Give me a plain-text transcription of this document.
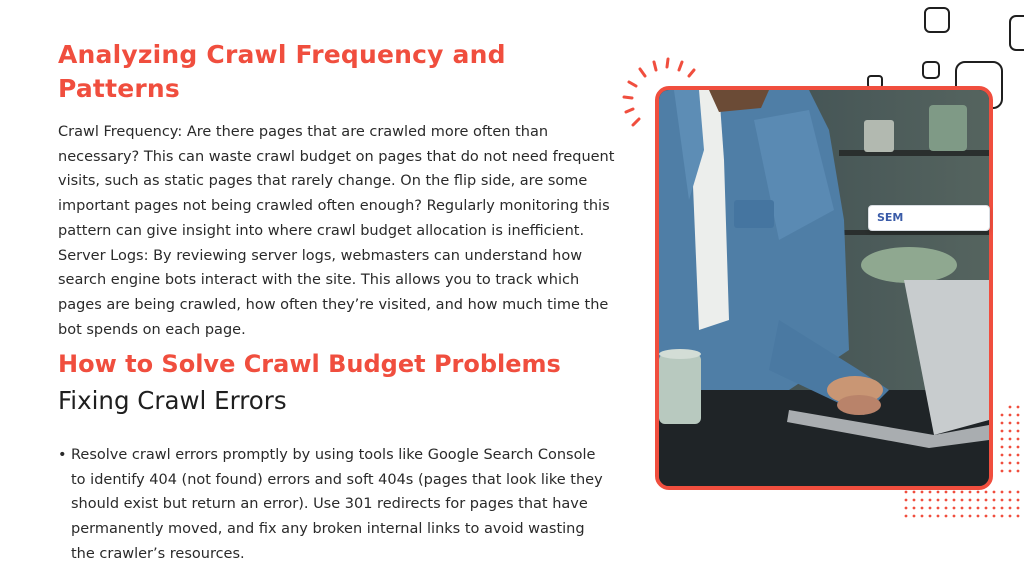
Analyzing Crawl Frequency and Patterns

Crawl Frequency: Are there pages that are crawled more often than necessary? This can waste crawl budget on pages that do not need frequent visits, such as static pages that rarely change. On the flip side, are some important pages not being crawled often enough? Regularly monitoring this pattern can give insight into where crawl budget allocation is inefficient.

Server Logs: By reviewing server logs, webmasters can understand how search engine bots interact with the site. This allows you to track which pages are being crawled, how often they’re visited, and how much time the bot spends on each page.

How to Solve Crawl Budget Problems
Fixing Crawl Errors
• Resolve crawl errors promptly by using tools like Google Search Console to identify 404 (not found) errors and soft 404s (pages that look like they should exist but return an error). Use 301 redirects for pages that have permanently moved, and fix any broken internal links to avoid wasting the crawler’s resources.

SEM
